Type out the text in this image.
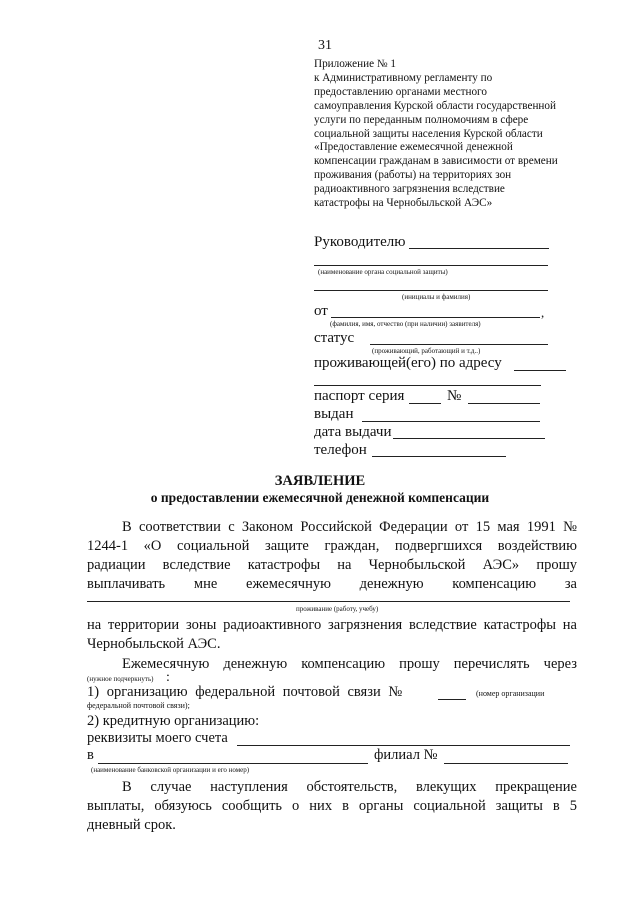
31
Приложение № 1
к Административному регламенту по
предоставлению органами местного
самоуправления Курской области государственной
услуги по переданным полномочиям в сфере
социальной защиты населения Курской области
«Предоставление ежемесячной денежной
компенсации гражданам в зависимости от времени
проживания (работы) на территориях зон
радиоактивного загрязнения вследствие
катастрофы на Чернобыльской АЭС»
Руководителю
(наименование органа социальной защиты)
(инициалы и фамилия)
от	,
(фамилия, имя, отчество (при наличии) заявителя)
статус
(проживающий, работающий и т.д..)
проживающей(его) по адресу
паспорт серия	№
выдан
дата выдачи
телефон
ЗАЯВЛЕНИЕ
о предоставлении ежемесячной денежной компенсации
В соответствии с Законом Российской Федерации от 15 мая 1991 №
1244-1 «О социальной защите граждан, подвергшихся воздействию
радиации вследствие катастрофы на Чернобыльской АЭС» прошу
выплачивать мне ежемесячную денежную компенсацию за
проживание (работу, учебу)
на территории зоны радиоактивного загрязнения вследствие катастрофы на
Чернобыльской АЭС.
Ежемесячную денежную компенсацию прошу перечислять через
(нужное подчеркнуть) :
1) организацию федеральной почтовой связи №	(номер организации
федеральной почтовой связи);
2) кредитную организацию:
реквизиты моего счета
в	филиал №
(наименование банковской организации и его номер)
В случае наступления обстоятельств, влекущих прекращение
выплаты, обязуюсь сообщить о них в органы социальной защиты в 5
дневный срок.
